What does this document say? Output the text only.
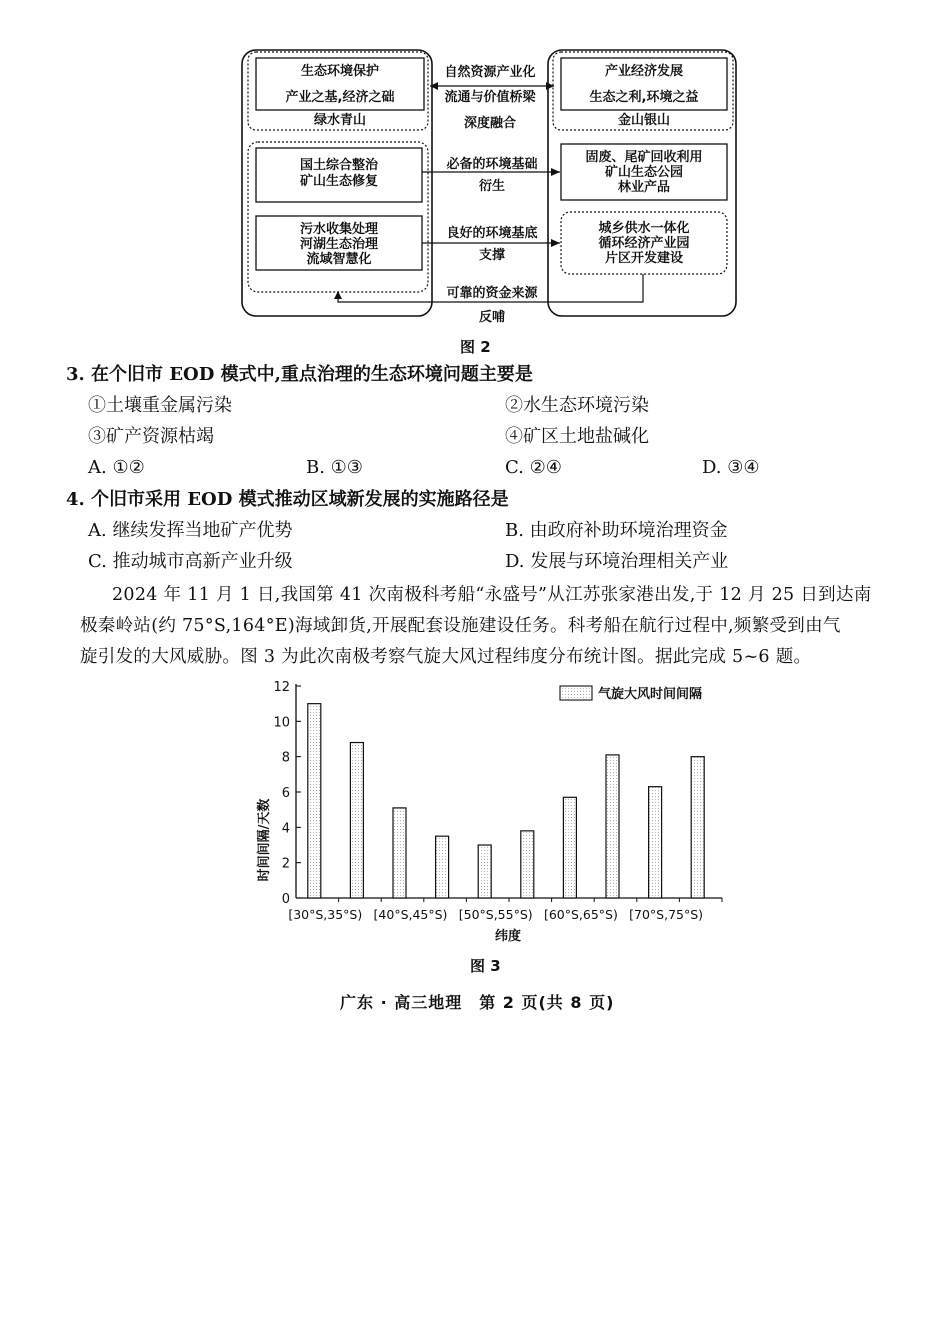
生态环境保护
产业之基,经济之础
绿水青山
自然资源产业化
流通与价值桥梁
深度融合
产业经济发展
生态之利,环境之益
金山银山
国土综合整治
矿山生态修复
必备的环境基础
衍生
固废、尾矿回收利用
矿山生态公园
林业产品
污水收集处理
河湖生态治理
流域智慧化
良好的环境基底
支撑
城乡供水一体化
循环经济产业园
片区开发建设
可靠的资金来源
反哺
图 2
3. 在个旧市 EOD 模式中,重点治理的生态环境问题主要是
①土壤重金属污染	②水生态环境污染
③矿产资源枯竭	④矿区土地盐碱化
A. ①②	B. ①③	C. ②④	D. ③④
4. 个旧市采用 EOD 模式推动区域新发展的实施路径是
A. 继续发挥当地矿产优势	B. 由政府补助环境治理资金
C. 推动城市高新产业升级	D. 发展与环境治理相关产业
2024 年 11 月 1 日,我国第 41 次南极科考船“永盛号”从江苏张家港出发,于 12 月 25 日到达南
极秦岭站(约 75°S,164°E)海域卸货,开展配套设施建设任务。科考船在航行过程中,频繁受到由气
旋引发的大风威胁。图 3 为此次南极考察气旋大风过程纬度分布统计图。据此完成 5~6 题。
0
2
4
6
8
10
12
[30°S,35°S) [40°S,45°S) [50°S,55°S) [60°S,65°S) [70°S,75°S)
气旋大风时间间隔
时间间隔/天数
纬度
图 3
广东 · 高三地理　第 2 页(共 8 页)
